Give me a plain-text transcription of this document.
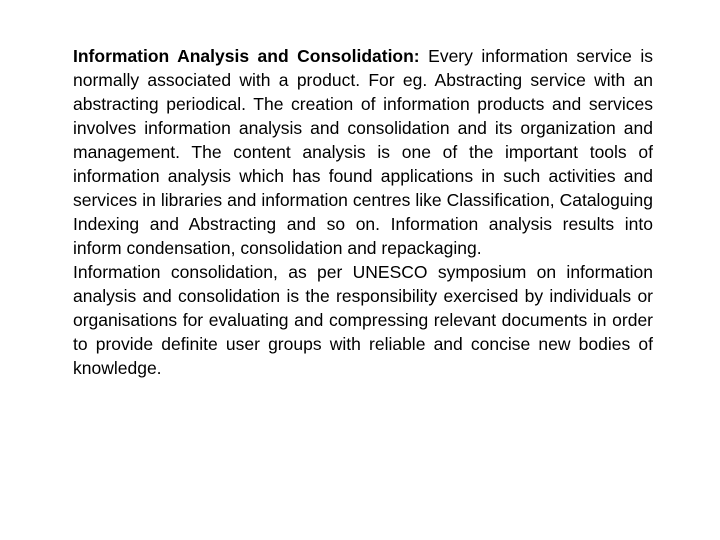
Information Analysis and Consolidation: Every information service is normally associated with a product. For eg. Abstracting service with an abstracting periodical. The creation of information products and services involves information analysis and consolidation and its organization and management. The content analysis is one of the important tools of information analysis which has found applications in such activities and services in libraries and information centres like Classification, Cataloguing Indexing and Abstracting and so on. Information analysis results into inform condensation, consolidation and repackaging.

Information consolidation, as per UNESCO symposium on information analysis and consolidation is the responsibility exercised by individuals or organisations for evaluating and compressing relevant documents in order to provide definite user groups with reliable and concise new bodies of knowledge.
